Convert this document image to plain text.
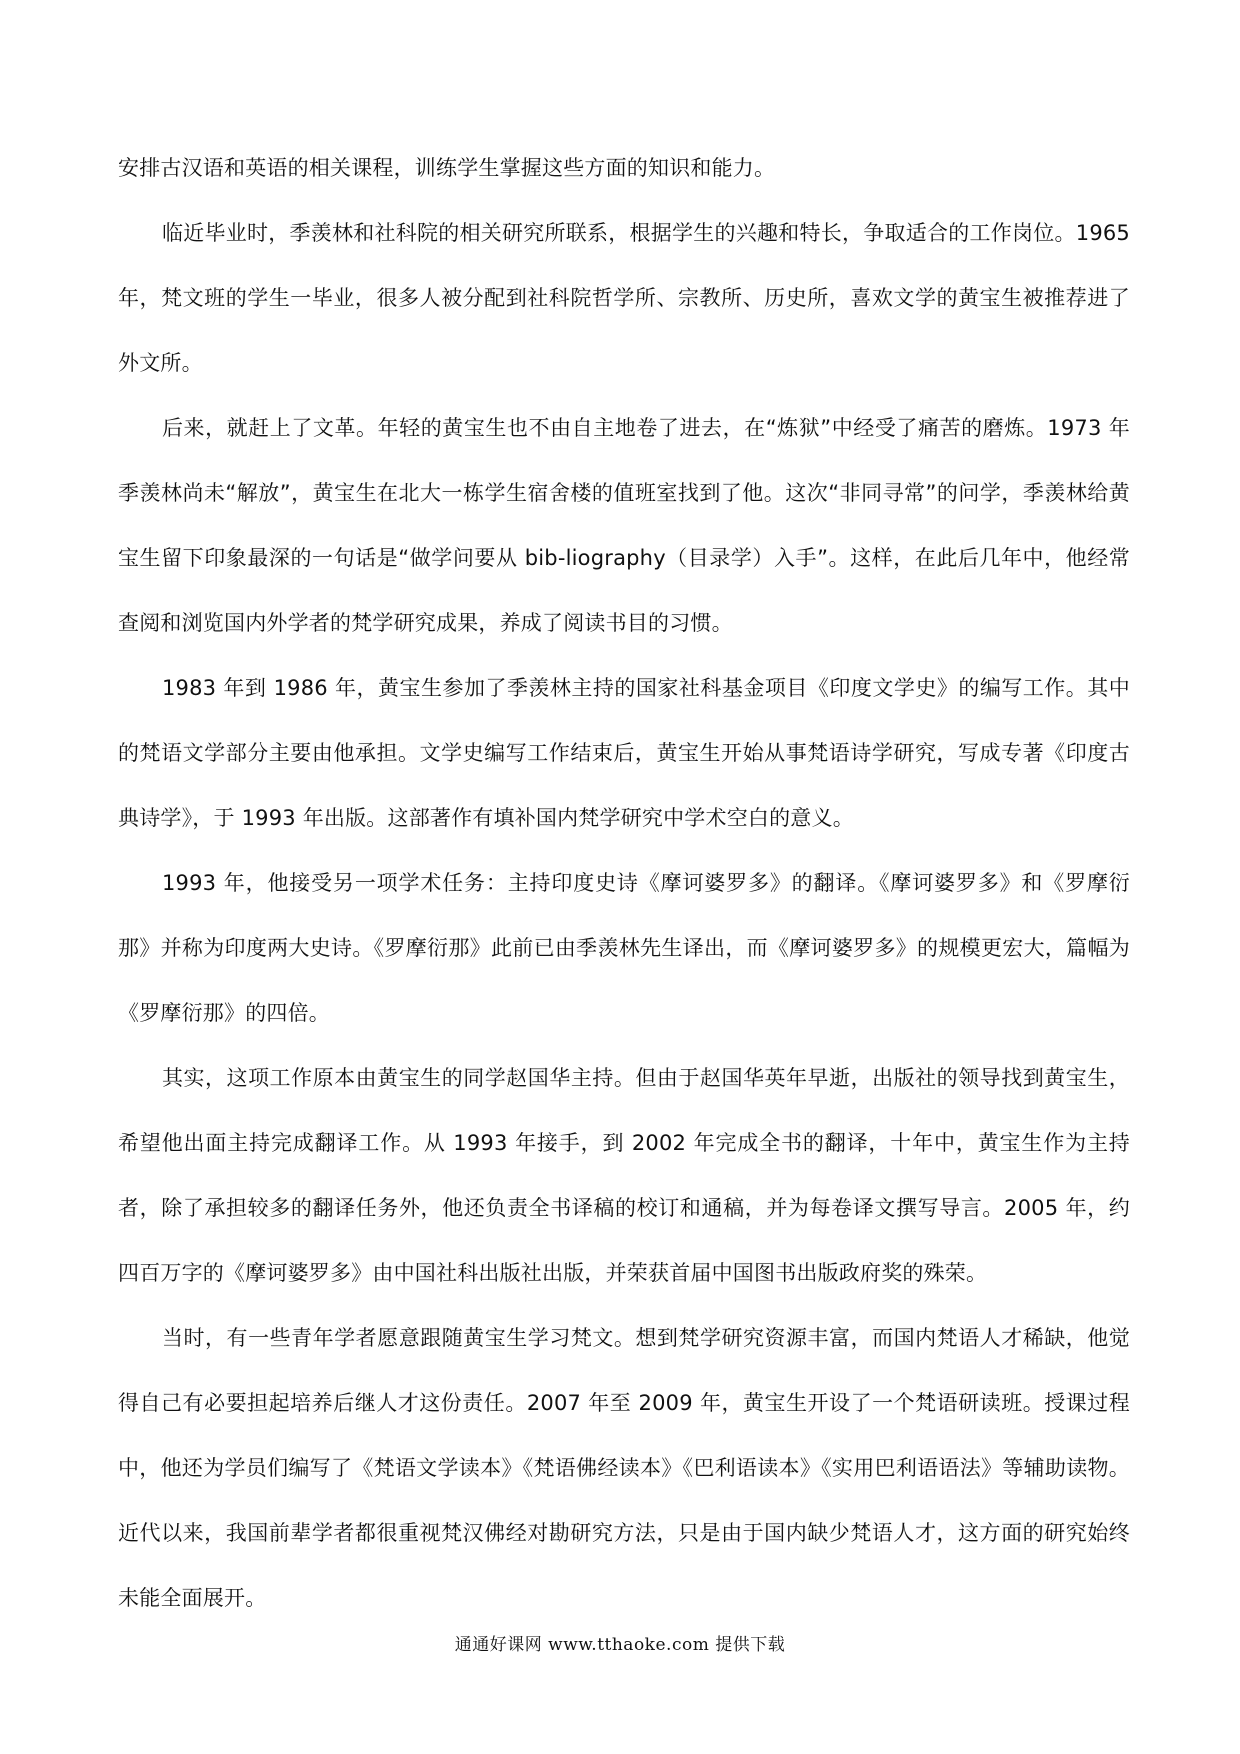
安排古汉语和英语的相关课程，训练学生掌握这些方面的知识和能力。

临近毕业时，季羡林和社科院的相关研究所联系，根据学生的兴趣和特长，争取适合的工作岗位。1965 年，梵文班的学生一毕业，很多人被分配到社科院哲学所、宗教所、历史所，喜欢文学的黄宝生被推荐进了外文所。

后来，就赶上了文革。年轻的黄宝生也不由自主地卷了进去，在“炼狱”中经受了痛苦的磨炼。1973 年季羡林尚未“解放”，黄宝生在北大一栋学生宿舍楼的值班室找到了他。这次“非同寻常”的问学，季羡林给黄宝生留下印象最深的一句话是“做学问要从 bib-liography（目录学）入手”。这样，在此后几年中，他经常查阅和浏览国内外学者的梵学研究成果，养成了阅读书目的习惯。

1983 年到 1986 年，黄宝生参加了季羡林主持的国家社科基金项目《印度文学史》的编写工作。其中的梵语文学部分主要由他承担。文学史编写工作结束后，黄宝生开始从事梵语诗学研究，写成专著《印度古典诗学》，于 1993 年出版。这部著作有填补国内梵学研究中学术空白的意义。

1993 年，他接受另一项学术任务：主持印度史诗《摩诃婆罗多》的翻译。《摩诃婆罗多》和《罗摩衍那》并称为印度两大史诗。《罗摩衍那》此前已由季羡林先生译出，而《摩诃婆罗多》的规模更宏大，篇幅为《罗摩衍那》的四倍。

其实，这项工作原本由黄宝生的同学赵国华主持。但由于赵国华英年早逝，出版社的领导找到黄宝生，希望他出面主持完成翻译工作。从 1993 年接手，到 2002 年完成全书的翻译，十年中，黄宝生作为主持者，除了承担较多的翻译任务外，他还负责全书译稿的校订和通稿，并为每卷译文撰写导言。2005 年，约四百万字的《摩诃婆罗多》由中国社科出版社出版，并荣获首届中国图书出版政府奖的殊荣。

当时，有一些青年学者愿意跟随黄宝生学习梵文。想到梵学研究资源丰富，而国内梵语人才稀缺，他觉得自己有必要担起培养后继人才这份责任。2007 年至 2009 年，黄宝生开设了一个梵语研读班。授课过程中，他还为学员们编写了《梵语文学读本》《梵语佛经读本》《巴利语读本》《实用巴利语语法》等辅助读物。近代以来，我国前辈学者都很重视梵汉佛经对勘研究方法，只是由于国内缺少梵语人才，这方面的研究始终未能全面展开。

通通好课网 www.tthaoke.com 提供下载
